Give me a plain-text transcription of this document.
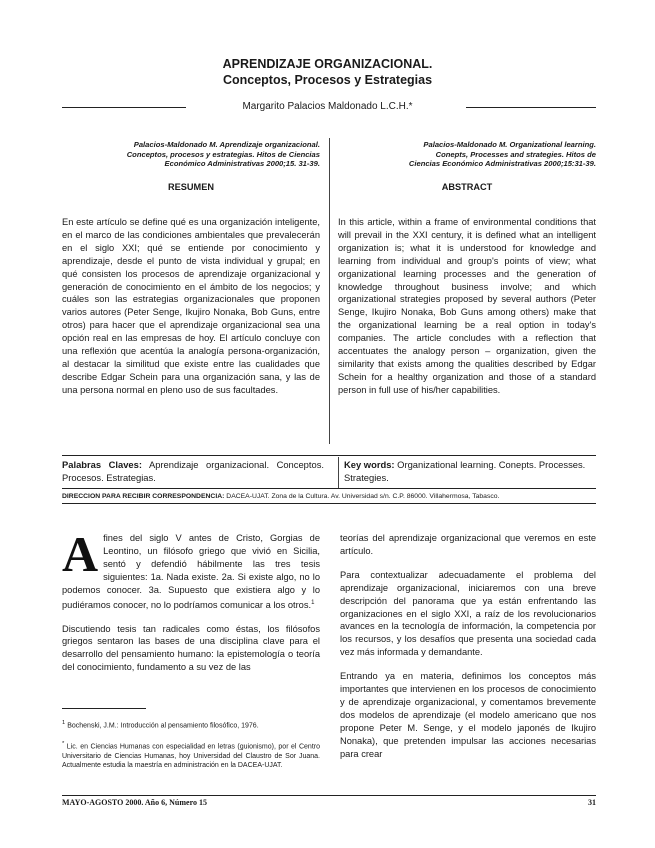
APRENDIZAJE ORGANIZACIONAL.
Conceptos, Procesos y Estrategias
Margarito Palacios Maldonado L.C.H.*
Palacios-Maldonado M. Aprendizaje organizacional.
Conceptos, procesos y estrategias. Hitos de Ciencias
Económico Administrativas 2000;15. 31-39.
Palacios-Maldonado M. Organizational learning.
Conepts, Processes and strategies. Hitos de
Ciencias Económico Administrativas 2000;15:31-39.
RESUMEN	ABSTRACT
En este artículo se define qué es una organización inteligente, en el marco de las condiciones ambientales que prevalecerán en el siglo XXI; qué se entiende por conocimiento y aprendizaje, desde el punto de vista individual y grupal; en qué consisten los procesos de aprendizaje organizacional y generación de conocimiento en el ámbito de los negocios; y cuáles son las estrategias organizacionales que proponen varios autores (Peter Senge, Ikujiro Nonaka, Bob Guns, entre otros) para hacer que el aprendizaje organizacional sea una opción real en las empresas de hoy. El artículo concluye con una reflexión que acentúa la analogía persona-organización, al destacar la similitud que existe entre las cualidades que describe Edgar Schein para una organización sana, y las de una persona normal en pleno uso de sus facultades.
In this article, within a frame of environmental conditions that will prevail in the XXI century, it is defined what an intelligent organization is; what it is understood for knowledge and learning from individual and group's points of view; what organizational learning processes and the generation of knowledge throughout business involve; and which organizational strategies proposed by several authors (Peter Senge, Ikujiro Nonaka, Bob Guns among others) make that the organizational learning be a real option in today's companies. The article concludes with a reflection that accentuates the analogy person – organization, given the similarity that exists among the qualities described by Edgar Schein for a healthy organization and those of a standard person in full use of his/her capabilities.
Palabras Claves: Aprendizaje organizacional. Conceptos. Procesos. Estrategias.
Key words: Organizational learning. Conepts. Processes. Strategies.
DIRECCION PARA RECIBIR CORRESPONDENCIA: DACEA-UJAT. Zona de la Cultura. Av. Universidad s/n. C.P. 86000. Villahermosa, Tabasco.

Afines del siglo V antes de Cristo, Gorgias de Leontino, un filósofo griego que vivió en Sicilia, sentó y defendió hábilmente las tres tesis siguientes: 1a. Nada existe. 2a. Si existe algo, no lo podemos conocer. 3a. Supuesto que existiera algo y lo pudiéramos conocer, no lo podríamos comunicar a los otros.$^1$

Discutiendo tesis tan radicales como éstas, los filósofos griegos sentaron las bases de una disciplina clave para el desarrollo del pensamiento humano: la epistemología o teoría del conocimiento, fundamento a su vez de las

teorías del aprendizaje organizacional que veremos en este artículo.

Para contextualizar adecuadamente el problema del aprendizaje organizacional, iniciaremos con una breve descripción del panorama que ya están enfrentando las organizaciones en el siglo XXI, a raíz de los revolucionarios avances en la tecnología de información, la competencia por los recursos, y los desafíos que presenta una sociedad cada vez más informada y demandante.

Entrando ya en materia, definimos los conceptos más importantes que intervienen en los procesos de conocimiento y de aprendizaje organizacional, y comentamos brevemente dos modelos de aprendizaje (el modelo americano que nos propone Peter M. Senge, y el modelo japonés de Ikujiro Nonaka), que pretenden impulsar las acciones necesarias para crear

$^1$ Bochenski, J.M.: Introducción al pensamiento filosófico, 1976.
* Lic. en Ciencias Humanas con especialidad en letras (guionismo), por el Centro Universitario de Ciencias Humanas, hoy Universidad del Claustro de Sor Juana. Actualmente estudia la maestría en administración en la DACEA-UJAT.
MAYO-AGOSTO 2000. Año 6, Número 15	31
